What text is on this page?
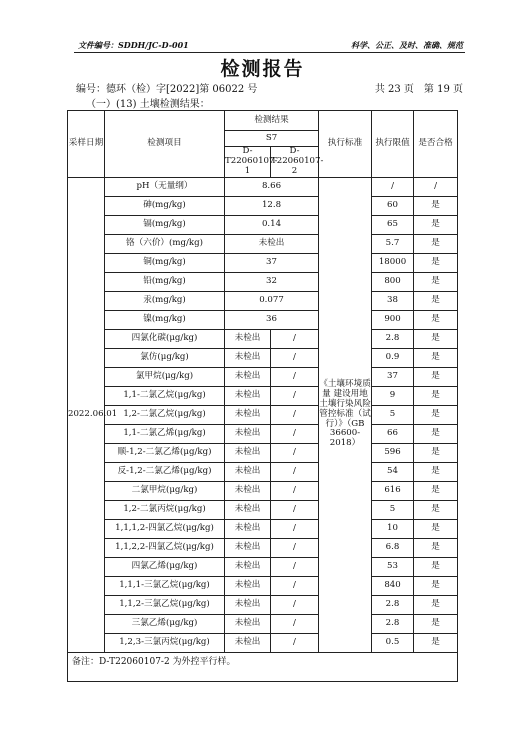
文件编号：SDDH/JC-D-001	科学、公正、及时、准确、规范
检测报告
编号：德环（检）字[2022]第 06022 号	共 23 页　第 19 页
（一）(13) 土壤检测结果：
采样日期	检测项目	检测结果		执行标准	执行限值	是否合格
		S7				
		D-T22060107-1	D-T22060107-2			
2022.06.01	pH（无量纲）	8.66		《土壤环境质量 建设用地土壤行染风险管控标准（试行）》（GB 36600-2018）	/	/
	砷(mg/kg)	12.8			60	是
	镉(mg/kg)	0.14			65	是
	铬（六价）(mg/kg)	未检出			5.7	是
	铜(mg/kg)	37			18000	是
	铅(mg/kg)	32			800	是
	汞(mg/kg)	0.077			38	是
	镍(mg/kg)	36			900	是
	四氯化碳(μg/kg)	未检出	/		2.8	是
	氯仿(μg/kg)	未检出	/		0.9	是
	氯甲烷(μg/kg)	未检出	/		37	是
	1,1-二氯乙烷(μg/kg)	未检出	/		9	是
	1,2-二氯乙烷(μg/kg)	未检出	/		5	是
	1,1-二氯乙烯(μg/kg)	未检出	/		66	是
	顺-1,2-二氯乙烯(μg/kg)	未检出	/		596	是
	反-1,2-二氯乙烯(μg/kg)	未检出	/		54	是
	二氯甲烷(μg/kg)	未检出	/		616	是
	1,2-二氯丙烷(μg/kg)	未检出	/		5	是
	1,1,1,2-四氯乙烷(μg/kg)	未检出	/		10	是
	1,1,2,2-四氯乙烷(μg/kg)	未检出	/		6.8	是
	四氯乙烯(μg/kg)	未检出	/		53	是
	1,1,1-三氯乙烷(μg/kg)	未检出	/		840	是
	1,1,2-三氯乙烷(μg/kg)	未检出	/		2.8	是
	三氯乙烯(μg/kg)	未检出	/		2.8	是
	1,2,3-三氯丙烷(μg/kg)	未检出	/		0.5	是
备注：D-T22060107-2 为外控平行样。						
